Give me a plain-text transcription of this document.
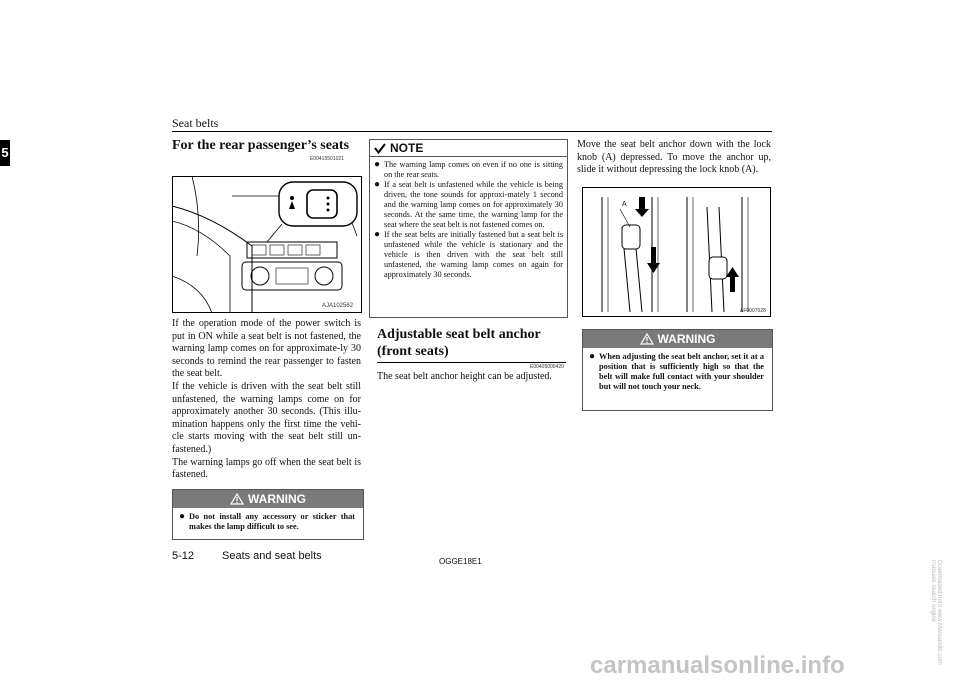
Seat belts
5	For the rear passenger’s seats
E00415501021
AJA102562

If the operation mode of the power switch is put in ON while a seat belt is not fastened, the warning lamp comes on for approximate-ly 30 seconds to remind the rear passenger to fasten the seat belt.

If the vehicle is driven with the seat belt still unfastened, the warning lamps come on for approximately another 30 seconds. (This illu-mination happens only the first time the vehi-cle starts moving with the seat belt still un-fastened.)

The warning lamps go off when the seat belt is fastened.

WARNING
● Do not install any accessory or sticker that makes the lamp difficult to see.
NOTE
● The warning lamp comes on even if no one is sitting on the rear seats.
● If a seat belt is unfastened while the vehicle is being driven, the tone sounds for approxi-mately 1 second and the warning lamp comes on for approximately 30 seconds. At the same time, the warning lamp for the seat where the seat belt is not fastened comes on.
● If the seat belts are initially fastened but a seat belt is unfastened while the vehicle is stationary and the vehicle is then driven with the seat belt still unfastened, the warning lamp comes on again for approximately 30 seconds.
Adjustable seat belt anchor (front seats)
E00405000420
The seat belt anchor height can be adjusted.
Move the seat belt anchor down with the lock knob (A) depressed. To move the anchor up, slide it without depressing the lock knob (A).
A
AF0007028
WARNING
● When adjusting the seat belt anchor, set it at a position that is sufficiently high so that the belt will make full contact with your shoulder but will not touch your neck.
5-12	Seats and seat belts	OGGE18E1
carmanualsonline.info
Downloaded from www.Manualslib.com manuals search engine
